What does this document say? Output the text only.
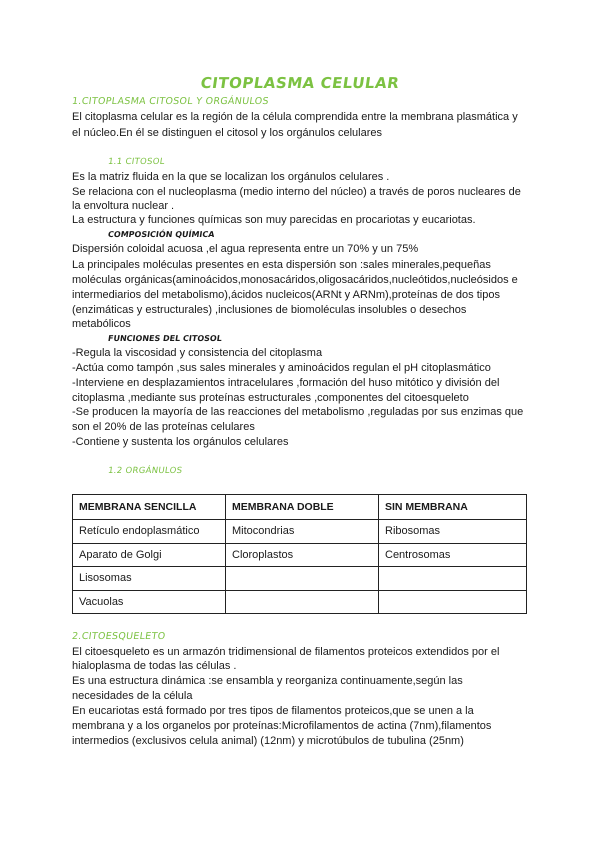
CITOPLASMA CELULAR
1.CITOPLASMA CITOSOL Y ORGÁNULOS
El citoplasma celular es la región de la célula comprendida entre la membrana plasmática y
el núcleo.En él se distinguen el citosol y los orgánulos celulares
1.1 CITOSOL
Es la matriz fluida en la que se localizan los orgánulos celulares .
Se relaciona con el nucleoplasma (medio interno del núcleo) a través de poros nucleares de
la envoltura nuclear .
La estructura y funciones químicas son muy parecidas en procariotas y eucariotas.
COMPOSICIÓN QUÍMICA
Dispersión coloidal acuosa ,el agua representa entre un 70% y un 75%
La principales moléculas presentes en esta dispersión son :sales minerales,pequeñas
moléculas orgánicas(aminoácidos,monosacáridos,oligosacáridos,nucleótidos,nucleósidos e
intermediarios del metabolismo),ácidos nucleicos(ARNt y ARNm),proteínas de dos tipos
(enzimáticas y estructurales) ,inclusiones de biomoléculas insolubles o desechos
metabólicos
FUNCIONES DEL CITOSOL
-Regula la viscosidad y consistencia del citoplasma
-Actúa como tampón ,sus sales minerales y aminoácidos regulan el pH citoplasmático
-Interviene en desplazamientos intracelulares ,formación del huso mitótico y división del
citoplasma ,mediante sus proteínas estructurales ,componentes del citoesqueleto
-Se producen la mayoría de las reacciones del metabolismo ,reguladas por sus enzimas que
son el 20% de las proteínas celulares
-Contiene y sustenta los orgánulos celulares
1.2 ORGÁNULOS
MEMBRANA SENCILLA	MEMBRANA DOBLE	SIN MEMBRANA
Retículo endoplasmático	Mitocondrias	Ribosomas
Aparato de Golgi	Cloroplastos	Centrosomas
Lisosomas		
Vacuolas		
2.CITOESQUELETO
El citoesqueleto es un armazón tridimensional de filamentos proteicos extendidos por el
hialoplasma de todas las células .
Es una estructura dinámica :se ensambla y reorganiza continuamente,según las
necesidades de la célula
En eucariotas está formado por tres tipos de filamentos proteicos,que se unen a la
membrana y a los organelos por proteínas:Microfilamentos de actina (7nm),filamentos
intermedios (exclusivos celula animal) (12nm) y microtúbulos de tubulina (25nm)
